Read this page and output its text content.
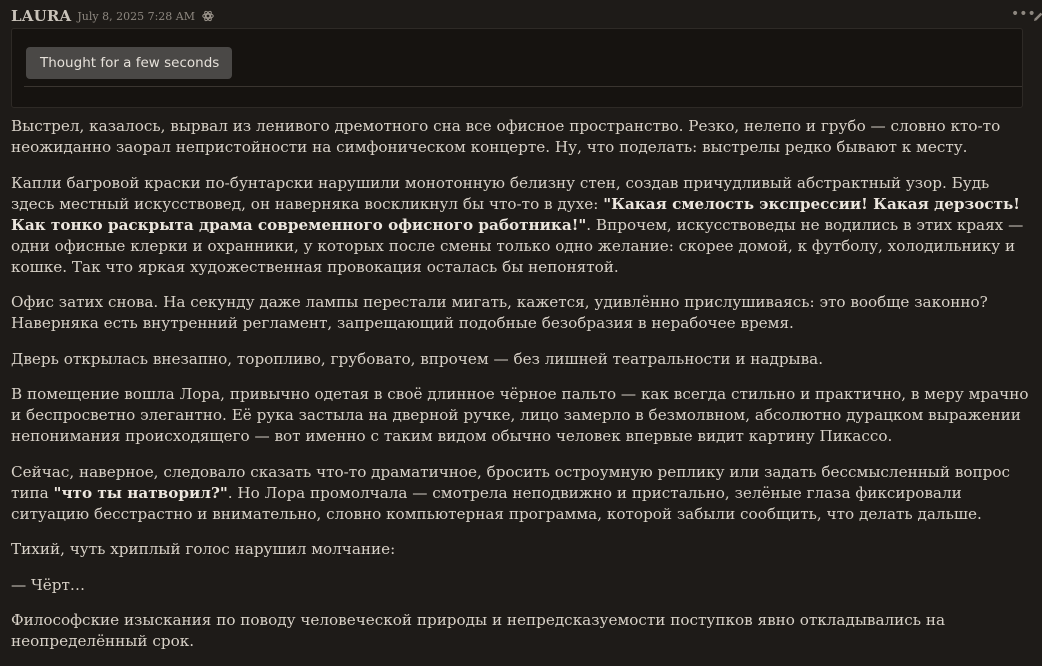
LAURA July 8, 2025 7:28 AM	•••
Thought for a few seconds

Выстрел, казалось, вырвал из ленивого дремотного сна все офисное пространство. Резко, нелепо и грубо — словно кто-то неожиданно заорал непристойности на симфоническом концерте. Ну, что поделать: выстрелы редко бывают к месту.

Капли багровой краски по-бунтарски нарушили монотонную белизну стен, создав причудливый абстрактный узор. Будь здесь местный искусствовед, он наверняка воскликнул бы что-то в духе: "Какая смелость экспрессии! Какая дерзость! Как тонко раскрыта драма современного офисного работника!". Впрочем, искусствоведы не водились в этих краях — одни офисные клерки и охранники, у которых после смены только одно желание: скорее домой, к футболу, холодильнику и кошке. Так что яркая художественная провокация осталась бы непонятой.

Офис затих снова. На секунду даже лампы перестали мигать, кажется, удивлённо прислушиваясь: это вообще законно? Наверняка есть внутренний регламент, запрещающий подобные безобразия в нерабочее время.

Дверь открылась внезапно, торопливо, грубовато, впрочем — без лишней театральности и надрыва.

В помещение вошла Лора, привычно одетая в своё длинное чёрное пальто — как всегда стильно и практично, в меру мрачно и беспросветно элегантно. Её рука застыла на дверной ручке, лицо замерло в безмолвном, абсолютно дурацком выражении непонимания происходящего — вот именно с таким видом обычно человек впервые видит картину Пикассо.

Сейчас, наверное, следовало сказать что-то драматичное, бросить остроумную реплику или задать бессмысленный вопрос типа "что ты натворил?". Но Лора промолчала — смотрела неподвижно и пристально, зелёные глаза фиксировали ситуацию бесстрастно и внимательно, словно компьютерная программа, которой забыли сообщить, что делать дальше.

Тихий, чуть хриплый голос нарушил молчание:

— Чёрт…

Философские изыскания по поводу человеческой природы и непредсказуемости поступков явно откладывались на неопределённый срок.
